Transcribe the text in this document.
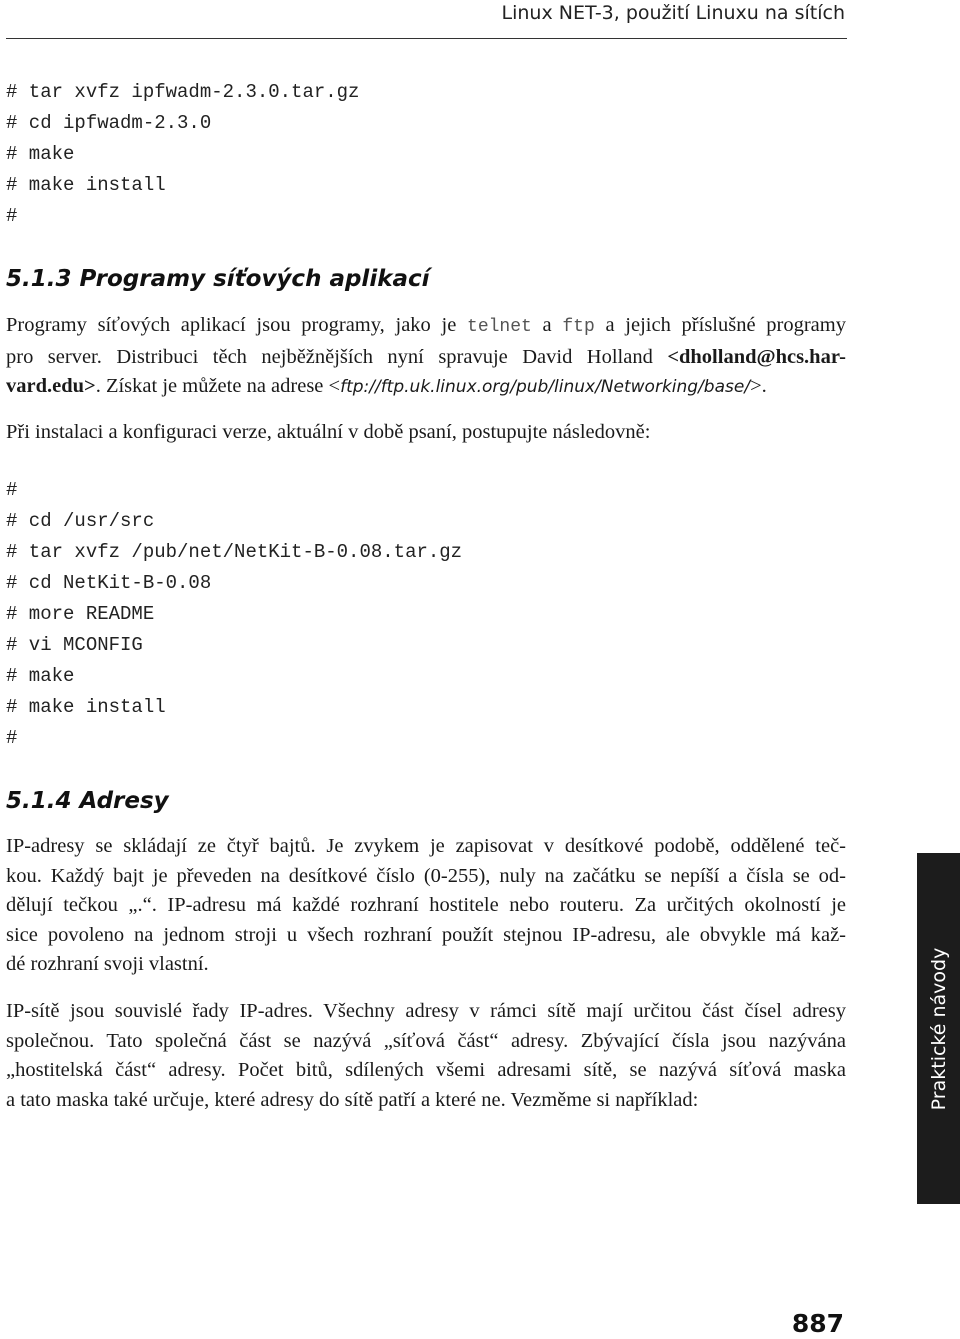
Linux NET-3, použití Linuxu na sítích
# tar xvfz ipfwadm-2.3.0.tar.gz
# cd ipfwadm-2.3.0
# make
# make install
#
5.1.3 Programy síťových aplikací
Programy síťových aplikací jsou programy, jako je telnet a ftp a jejich příslušné programy
pro server. Distribuci těch nejběžnějších nyní spravuje David Holland <dholland@hcs.har-
vard.edu>. Získat je můžete na adrese <ftp://ftp.uk.linux.org/pub/linux/Networking/base/>.

Při instalaci a konfiguraci verze, aktuální v době psaní, postupujte následovně:

#
# cd /usr/src
# tar xvfz /pub/net/NetKit-B-0.08.tar.gz
# cd NetKit-B-0.08
# more README
# vi MCONFIG
# make
# make install
#
5.1.4 Adresy
IP-adresy se skládají ze čtyř bajtů. Je zvykem je zapisovat v desítkové podobě, oddělené teč-
kou. Každý bajt je převeden na desítkové číslo (0-255), nuly na začátku se nepíší a čísla se od-
dělují tečkou „.“. IP-adresu má každé rozhraní hostitele nebo routeru. Za určitých okolností je
sice povoleno na jednom stroji u všech rozhraní použít stejnou IP-adresu, ale obvykle má kaž-
dé rozhraní svoji vlastní.
IP-sítě jsou souvislé řady IP-adres. Všechny adresy v rámci sítě mají určitou část čísel adresy
společnou. Tato společná část se nazývá „síťová část“ adresy. Zbývající čísla jsou nazývána
„hostitelská část“ adresy. Počet bitů, sdílených všemi adresami sítě, se nazývá síťová maska
a tato maska také určuje, které adresy do sítě patří a které ne. Vezměme si například:	Praktické návody
887
